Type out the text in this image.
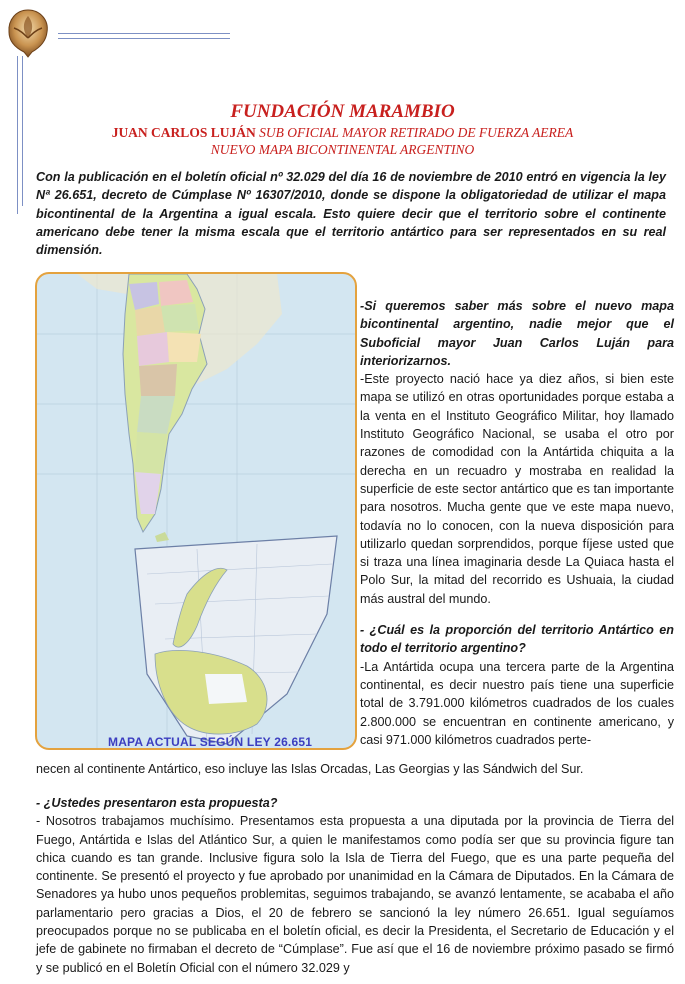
FUNDACIÓN MARAMBIO
JUAN CARLOS LUJÁN SUB OFICIAL MAYOR RETIRADO DE FUERZA AEREA
NUEVO MAPA BICONTINENTAL ARGENTINO
Con la publicación en el boletín oficial nº 32.029 del día 16 de noviembre de 2010 entró en vigencia la ley Nª 26.651, decreto de Cúmplase Nº 16307/2010, donde se dispone la obligatoriedad de utilizar el mapa bicontinental de la Argentina a igual escala. Esto quiere decir que el territorio sobre el continente americano debe tener la misma escala que el territorio antártico para ser representados en su real dimensión.
MAPA ACTUAL SEGÚN LEY 26.651

-Si queremos saber más sobre el nuevo mapa bicontinental argentino, nadie mejor que el Suboficial mayor Juan Carlos Luján para interiorizarnos.

-Este proyecto nació hace ya diez años, si bien este mapa se utilizó en otras oportunidades porque estaba a la venta en el Instituto Geográfico Militar, hoy llamado Instituto Geográfico Nacional, se usaba el otro por razones de comodidad con la Antártida chiquita a la derecha en un recuadro y mostraba en realidad la superficie de este sector antártico que es tan importante para nosotros. Mucha gente que ve este mapa nuevo, todavía no lo conocen, con la nueva disposición para utilizarlo quedan sorprendidos, porque fíjese usted que si traza una línea imaginaria desde La Quiaca hasta el Polo Sur, la mitad del recorrido es Ushuaia, la ciudad más austral del mundo.

- ¿Cuál es la proporción del territorio Antártico en todo el territorio argentino?

-La Antártida ocupa una tercera parte de la Argentina continental, es decir nuestro país tiene una superficie total de 3.791.000 kilómetros cuadrados de los cuales 2.800.000 se encuentran en continente americano, y casi 971.000 kilómetros cuadrados perte-

necen al continente Antártico, eso incluye las Islas Orcadas, Las Georgias y las Sándwich del Sur.

- ¿Ustedes presentaron esta propuesta?

- Nosotros trabajamos muchísimo. Presentamos esta propuesta a una diputada por la provincia de Tierra del Fuego, Antártida e Islas del Atlántico Sur, a quien le manifestamos como podía ser que su provincia figure tan chica cuando es tan grande. Inclusive figura solo la Isla de Tierra del Fuego, que es una parte pequeña del continente. Se presentó el proyecto y fue aprobado por unanimidad en la Cámara de Diputados. En la Cámara de Senadores ya hubo unos pequeños problemitas, seguimos trabajando, se avanzó lentamente, se acababa el año parlamentario pero gracias a Dios, el 20 de febrero se sancionó la ley número 26.651. Igual seguíamos preocupados porque no se publicaba en el boletín oficial, es decir la Presidenta, el Secretario de Educación y el jefe de gabinete no firmaban el decreto de “Cúmplase”. Fue así que el 16 de noviembre próximo pasado se firmó y se publicó en el Boletín Oficial con el número 32.029 y
